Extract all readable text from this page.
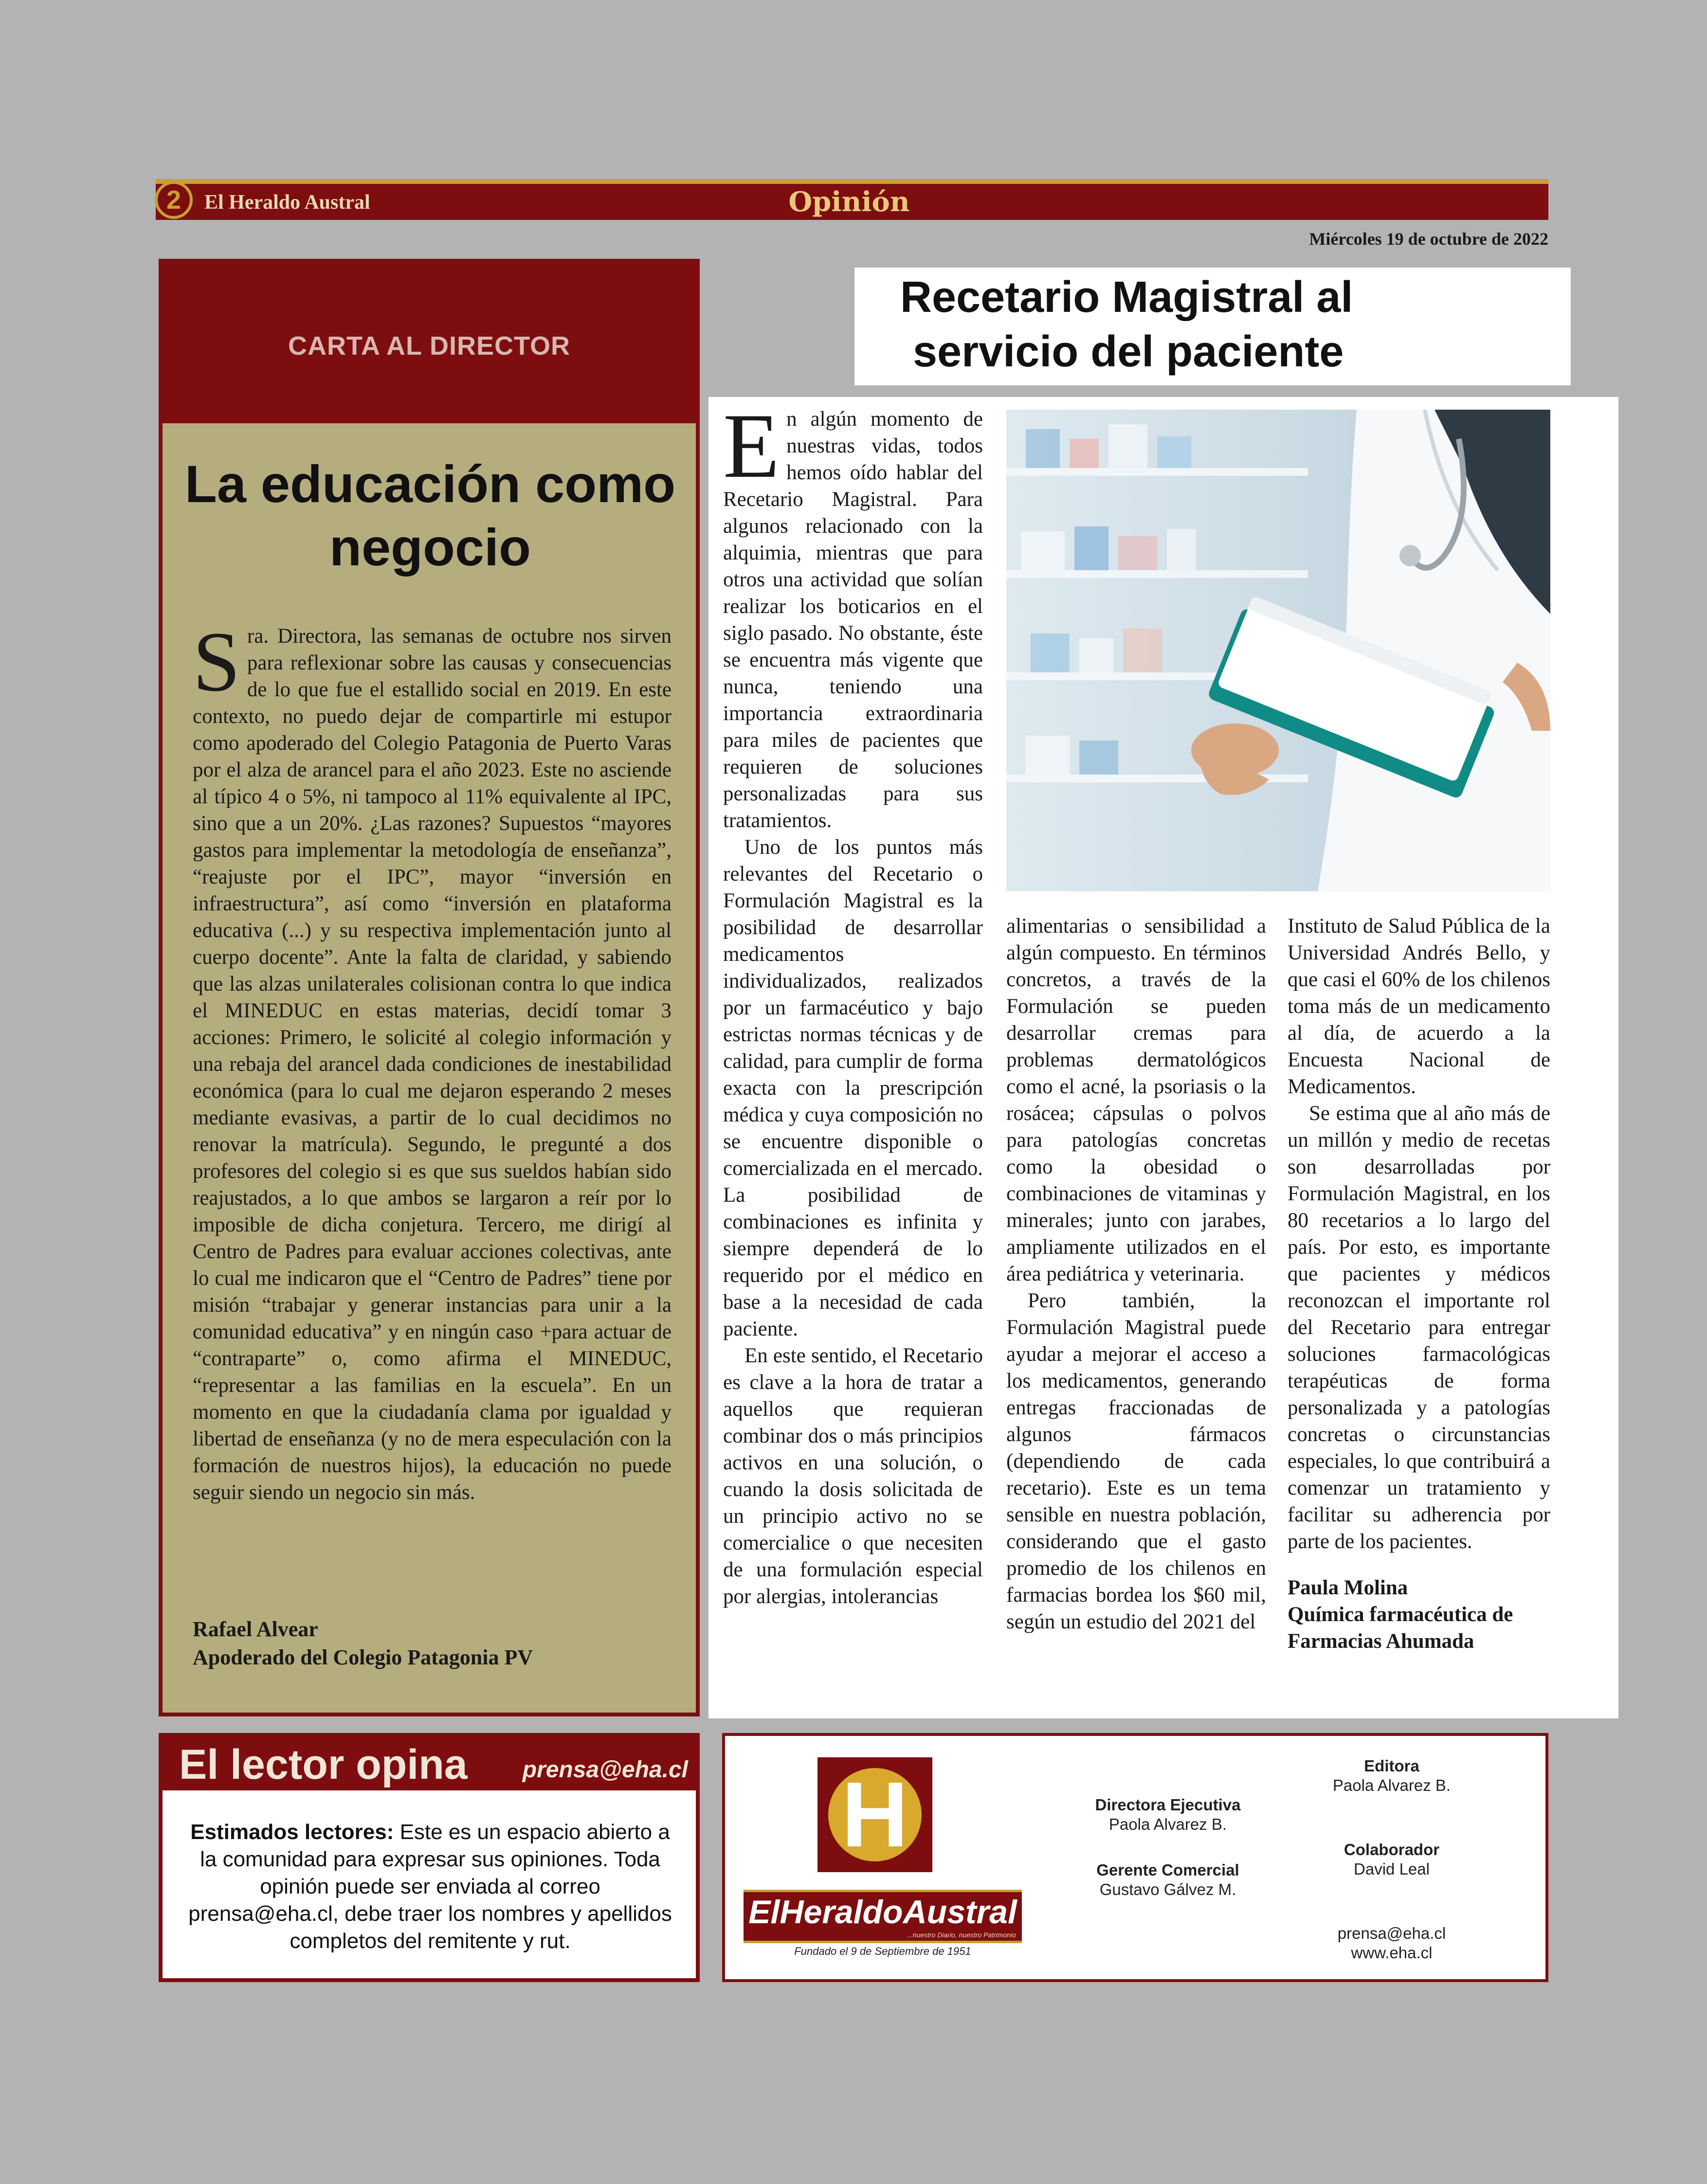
2	El Heraldo Austral	Opinión
Miércoles 19 de octubre de 2022
CARTA AL DIRECTOR
La educación como negocio
Sra. Directora, las semanas de octubre nos sirven para reflexionar sobre las causas y consecuencias de lo que fue el estallido social en 2019. En este contexto, no puedo dejar de compartirle mi estupor como apoderado del Colegio Patagonia de Puerto Varas por el alza de arancel para el año 2023. Este no asciende al típico 4 o 5%, ni tampoco al 11% equivalente al IPC, sino que a un 20%. ¿Las razones? Supuestos “mayores gastos para implementar la metodología de enseñanza”, “reajuste por el IPC”, mayor “inversión en infraestructura”, así como “inversión en plataforma educativa (...) y su respectiva implementación junto al cuerpo docente”. Ante la falta de claridad, y sabiendo que las alzas unilaterales colisionan contra lo que indica el MINEDUC en estas materias, decidí tomar 3 acciones: Primero, le solicité al colegio información y una rebaja del arancel dada condiciones de inestabilidad económica (para lo cual me dejaron esperando 2 meses mediante evasivas, a partir de lo cual decidimos no renovar la matrícula). Segundo, le pregunté a dos profesores del colegio si es que sus sueldos habían sido reajustados, a lo que ambos se largaron a reír por lo imposible de dicha conjetura. Tercero, me dirigí al Centro de Padres para evaluar acciones colectivas, ante lo cual me indicaron que el “Centro de Padres” tiene por misión “trabajar y generar instancias para unir a la comunidad educativa” y en ningún caso +para actuar de “contraparte” o, como afirma el MINEDUC, “representar a las familias en la escuela”. En un momento en que la ciudadanía clama por igualdad y libertad de enseñanza (y no de mera especulación con la formación de nuestros hijos), la educación no puede seguir siendo un negocio sin más.
Rafael Alvear
Apoderado del Colegio Patagonia PV
Recetario Magistral al
servicio del paciente

En algún momento de nuestras vidas, todos hemos oído hablar del Recetario Magistral. Para algunos relacionado con la alquimia, mientras que para otros una actividad que solían realizar los boticarios en el siglo pasado. No obstante, éste se encuentra más vigente que nunca, teniendo una importancia extraordinaria para miles de pacientes que requieren de soluciones personalizadas para sus tratamientos.

Uno de los puntos más relevantes del Recetario o Formulación Magistral es la posibilidad de desarrollar medicamentos individualizados, realizados por un farmacéutico y bajo estrictas normas técnicas y de calidad, para cumplir de forma exacta con la prescripción médica y cuya composición no se encuentre disponible o comercializada en el mercado. La posibilidad de combinaciones es infinita y siempre dependerá de lo requerido por el médico en base a la necesidad de cada paciente.

En este sentido, el Recetario es clave a la hora de tratar a aquellos que requieran combinar dos o más principios activos en una solución, o cuando la dosis solicitada de un principio activo no se comercialice o que necesiten de una formulación especial por alergias, intolerancias

alimentarias o sensibilidad a algún compuesto. En términos concretos, a través de la Formulación se pueden desarrollar cremas para problemas dermatológicos como el acné, la psoriasis o la rosácea; cápsulas o polvos para patologías concretas como la obesidad o combinaciones de vitaminas y minerales; junto con jarabes, ampliamente utilizados en el área pediátrica y veterinaria.

Pero también, la Formulación Magistral puede ayudar a mejorar el acceso a los medicamentos, generando entregas fraccionadas de algunos fármacos (dependiendo de cada recetario). Este es un tema sensible en nuestra población, considerando que el gasto promedio de los chilenos en farmacias bordea los $60 mil, según un estudio del 2021 del

Instituto de Salud Pública de la Universidad Andrés Bello, y que casi el 60% de los chilenos toma más de un medicamento al día, de acuerdo a la Encuesta Nacional de Medicamentos.

Se estima que al año más de un millón y medio de recetas son desarrolladas por Formulación Magistral, en los 80 recetarios a lo largo del país. Por esto, es importante que pacientes y médicos reconozcan el importante rol del Recetario para entregar soluciones farmacológicas terapéuticas de forma personalizada y a patologías concretas o circunstancias especiales, lo que contribuirá a comenzar un tratamiento y facilitar su adherencia por parte de los pacientes.

Paula Molina
Química farmacéutica de
Farmacias Ahumada

El lector opina prensa@eha.cl
Estimados lectores: Este es un espacio abierto a la comunidad para expresar sus opiniones. Toda opinión puede ser enviada al correo prensa@eha.cl, debe traer los nombres y apellidos completos del remitente y rut.
H
ElHeraldoAustral
...nuestro Diario, nuestro Patrimonio
Fundado el 9 de Septiembre de 1951
Directora Ejecutiva
Paola Alvarez B.
Gerente Comercial
Gustavo Gálvez M.
Editora
Paola Alvarez B.
Colaborador
David Leal
prensa@eha.cl
www.eha.cl
